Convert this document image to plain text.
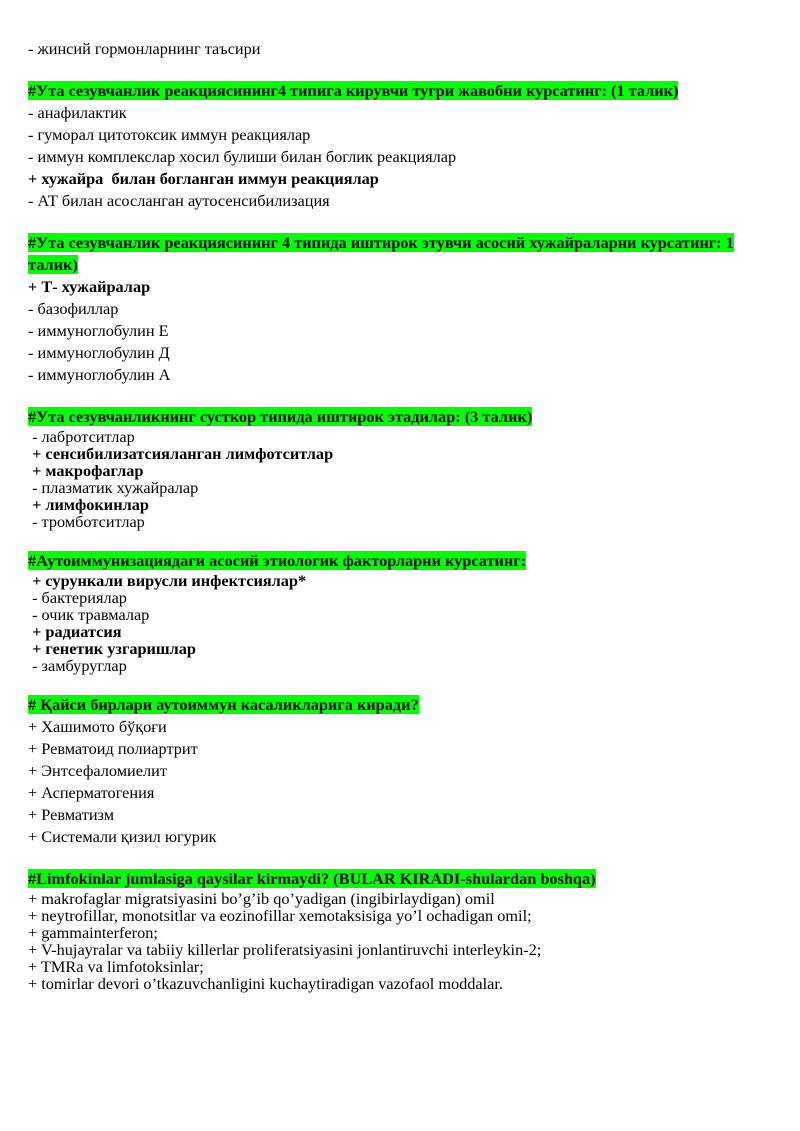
- жинсий гормонларнинг таъсири
#Ута сезувчанлик реакциясининг4 типига кирувчи тугри жавобни курсатинг: (1 талик)
- анафилактик
- гуморал цитотоксик иммун реакциялар
- иммун комплекслар хосил булиши билан боглик реакциялар
+ хужайра  билан богланган иммун реакциялар
- АТ билан асосланган аутосенсибилизация
#Ута сезувчанлик реакциясининг 4 типида иштирок этувчи асосий хужайраларни курсатинг: 1 талик)
+ Т- хужайралар
- базофиллар
- иммуноглобулин Е
- иммуноглобулин Д
- иммуноглобулин А
#Ута сезувчанликнинг сусткор типида иштирок этадилар: (3 талик)
- лабротситлар
+ сенсибилизатсияланган лимфотситлар
+ макрофаглар
- плазматик хужайралар
+ лимфокинлар
- тромботситлар
#Аутоиммунизациядаги асосий этиологик факторларни курсатинг:
+ сурункали вирусли инфектсиялар*
- бактериялар
- очик травмалар
+ радиатсия
+ генетик узгаришлар
- замбуруглар
# Қайси бирлари аутоиммун касаликларига киради?
+ Хашимото бўқоғи
+ Ревматоид полиартрит
+ Энтсефаломиелит
+ Асперматогения
+ Ревматизм
+ Системали қизил югурик
#Limfokinlar jumlasiga qaysilar kirmaydi? (BULAR KIRADI-shulardan boshqa)
+ makrofaglar migratsiyasini bo’g’ib qo’yadigan (ingibirlaydigan) omil
+ neytrofillar, monotsitlar va eozinofillar xemotaksisiga yo’l ochadigan omil;
+ gammainterferon;
+ V-hujayralar va tabiiy killerlar proliferatsiyasini jonlantiruvchi interleykin-2;
+ TMRa va limfotoksinlar;
+ tomirlar devori o’tkazuvchanligini kuchaytiradigan vazofaol moddalar.
